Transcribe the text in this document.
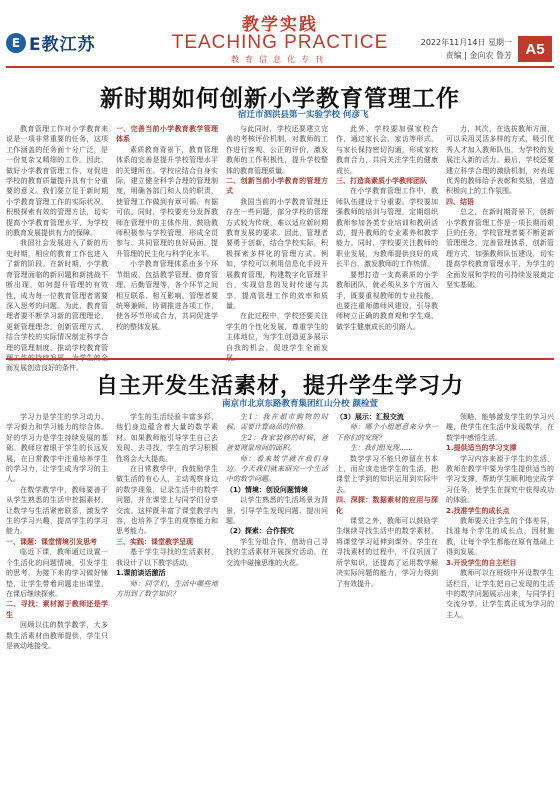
E E教江苏
教学实践
TEACHING PRACTICE
教育信息化专刊
2022年11月14日 星期一
责编 | 金向农 鲁芳 A5
新时期如何创新小学教育管理工作
宿迁市泗洪县第一实验学校 何彦飞

教育管理工作对小学教育来说是一项非常重要的任务，这项工作涵盖的任务面十分广泛，是一份复杂又精细的工作。因此，做好小学教育管理工作，对促进学校的教育质量提升具有十分重要的意义。我们要立足于新时期小学教育管理工作的实际状况，积极探索有效的管理方法，切实提高小学教育管理水平，为学校的教育发展提供有力的保障。

我国社会发展进入了新的历史时期，相应的教育工作也进入了新的阶段。在新时期，小学教育管理面临的新问题和新挑战不断出现，如何提升管理的有效性，成为每一位教育管理者需要深入思考的问题。为此，教育管理者要不断学习新的管理理论，更新管理理念，创新管理方式，结合学校的实际情况制定科学合理的管理制度，推动学校教育管 面发展创造良好的条件。

一、完善当前小学教育教学管理体系

素质教育背景下，教育管理体系的完善是提升学校管理水平的关键所在。学校应结合自身实际，建立健全科学合理的管理制度，明确各部门和人员的职责，使管理工作做到有章可循、有据可依。同时，学校要充分发挥教师在管理中的主体作用，鼓励教师积极参与学校管理，形成全员参与、共同管理的良好局面，提升管理的民主化与科学化水平。

小学教育管理体系由多个环节组成，包括教学管理、德育管理、后勤管理等，各个环节之间相互联系、相互影响。管理者要统筹兼顾，协调推进各项工作，使各环节形成合力，共同促进学校的整体发展。

与此同时，学校还要建立完善的考核评价机制，对教师的工作进行客观、公正的评价，激发教师的工作积极性，提升学校整体的教育管理质量。

二、创新当前小学教育的管理方式

我国当前的小学教育管理还存在一些问题，部分学校的管理方式较为传统，难以适应新时期教育发展的要求。因此，管理者要勇于创新，结合学校实际，积极探索多样化的管理方式。例如，学校可以利用信息化手段开展教育管理，构建数字化管理平台，实现信息的及时传递与共享，提高管理工作的效率和质量。

在此过程中，学校还要关注学生的个性化发展，尊重学生的主体地位，为学生创造更多展示自我的机会，促进学生全面发

此外，学校要加强家校合作，通过家长会、家访等形式，与家长保持密切沟通，形成家校教育合力，共同关注学生的健康成长。

三、打造高素质小学教师团队

在小学教育管理工作中，教师队伍建设十分重要。学校要加强教师的培训与管理，定期组织教师参加各类专业培训和教研活动，提升教师的专业素养和教学能力。同时，学校要关注教师的职业发展，为教师提供良好的成长平台，激发教师的工作热情。

要想打造一支高素质的小学教师团队，就必须从多个方面入手，既要重视教师的专业技能，也要注重师德师风建设，引导教师树立正确的教育观和学生观，做学生健康成长的引路人。

力，其次，在选拔教师方面，可以采用灵活多样的方式，吸引优秀人才加入教师队伍，为学校的发展注入新的活力。最后，学校还要建立科学合理的激励机制，对表现优秀的教师给予表彰和奖励，营造积极向上的工作氛围。

四、结语

总之，在新时期背景下，创新小学教育管理工作是一项长期而艰巨的任务。学校管理者要不断更新管理理念，完善管理体系，创新管理方式，加强教师队伍建设，切实提高学校教育管理水平，为学生的全面发展和学校的可持续发展奠定坚实基础。

自主开发生活素材，提升学生学习力
南京市北京东路教育集团红山分校 颜检萱

学习力是学生的学习动力、学习毅力和学习能力的综合体。好的学习力是学生持续发展的基础。教师应着眼于学生的长远发展，在日常教学中注重培养学生的学习力，让学生成为学习的主人。

在数学教学中，教师要善于从学生熟悉的生活中挖掘素材，让数学与生活紧密联系，激发学生的学习兴趣，提高学生的学习能力。

一、课题：课堂情境引发思考

临近下课，教师通过设置一个生活化的问题情境，引发学生的思考，为接下来的学习做好铺垫，让学生带着问题走出课堂，在课后继续探索。

二、寻找：素材源于教师还是学生

回顾以往的数学教学，大多数生活素材由教师提供，学生只是被动地接受。

学生的生活经验丰富多彩，他们身边蕴含着大量的数学素材。如果教师能引导学生自己去发现、去寻找，学生的学习积极性将会大大提高。

在日常教学中，我鼓励学生做生活的有心人，主动观察身边的数学现象，记录生活中的数学问题，并在课堂上与同学们分享交流。这样既丰富了课堂教学内容，也培养了学生的观察能力和思考能力。

三、实践：课堂教学呈现

基于学生寻找的生活素材，我设计了以下教学活动。

1.课前谈话激活

师：同学们，生活中哪些地方用到了数学知识？

生1：我在超市购物的时候，需要计算商品的价格。

生2：我家装修的时候，爸爸要测量房间的面积。

师：看来数学就在我们身边。今天我们就来研究一个生活中的数学问题。

（1）情境：创设问题情境

以学生熟悉的生活场景为背景，引导学生发现问题、提出问题。

（2）探索：合作探究

学生分组合作，借助自己寻找的生活素材开展探究活动，在交流中碰撞思维的火花。

（3）展示：汇报交流

师：哪个小组愿意来分享一下你们的发现？

生：我们组发现……

数学学习不能只停留在书本上，而应该走进学生的生活，把课堂上学到的知识运用到实际中去。

四、深探：数据素材的应用与深化

课堂之外，教师可以鼓励学生继续寻找生活中的数学素材，将课堂学习延伸到课外。学生在寻找素材的过程中，不仅巩固了所学知识，还提高了运用数学解决实际问题的能力，学习力得到了有效提升。

领略，能够激发学生的学习兴趣，使学生在生活中发现数学，在数学中感悟生活。

1.提供适当的学习支撑

学习内容来源于学生的生活，教师在教学中要为学生提供适当的学习支撑，帮助学生顺利地完成学习任务，使学生在探究中获得成功的体验。

2.找准学生的成长点

教师要关注学生的个体差异，找准每个学生的成长点，因材施教，让每个学生都能在原有基础上得到发展。

3.开设学生的自主栏目

教师可以在班级中开设数学生活栏目，让学生把自己发现的生活中的数学问题展示出来，与同学们交流分享，让学生真正成为学习的主人。
